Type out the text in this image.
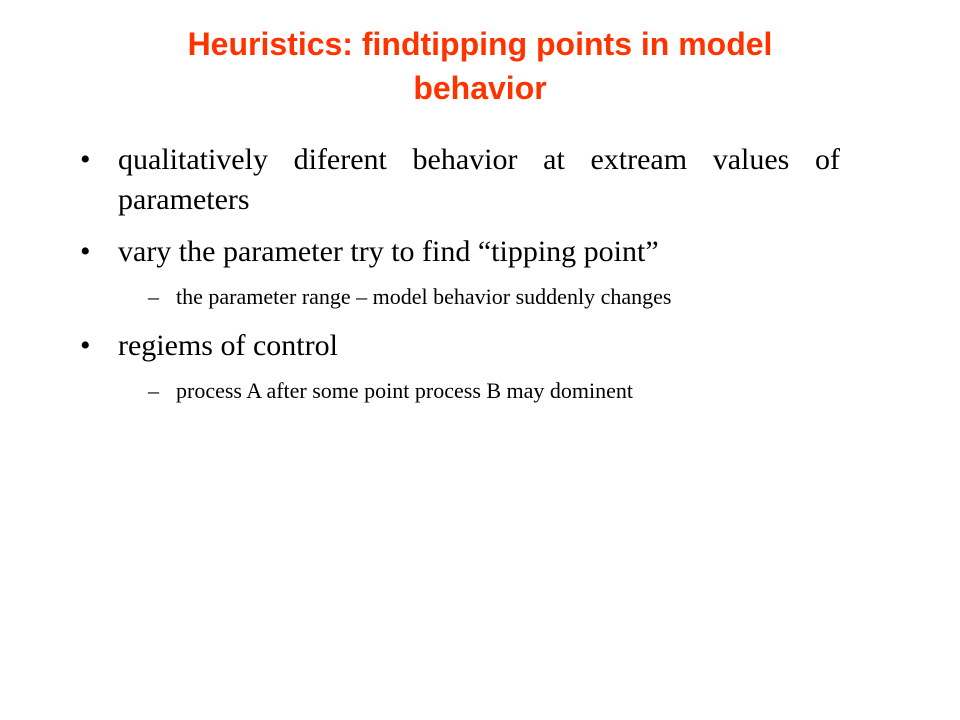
Heuristics: findtipping points in model
behavior
• qualitatively diferent behavior at extream values of parameters
• vary the parameter try to find “tipping point”
– the parameter range – model behavior suddenly changes
• regiems of control
– process A after some point process B may dominent
